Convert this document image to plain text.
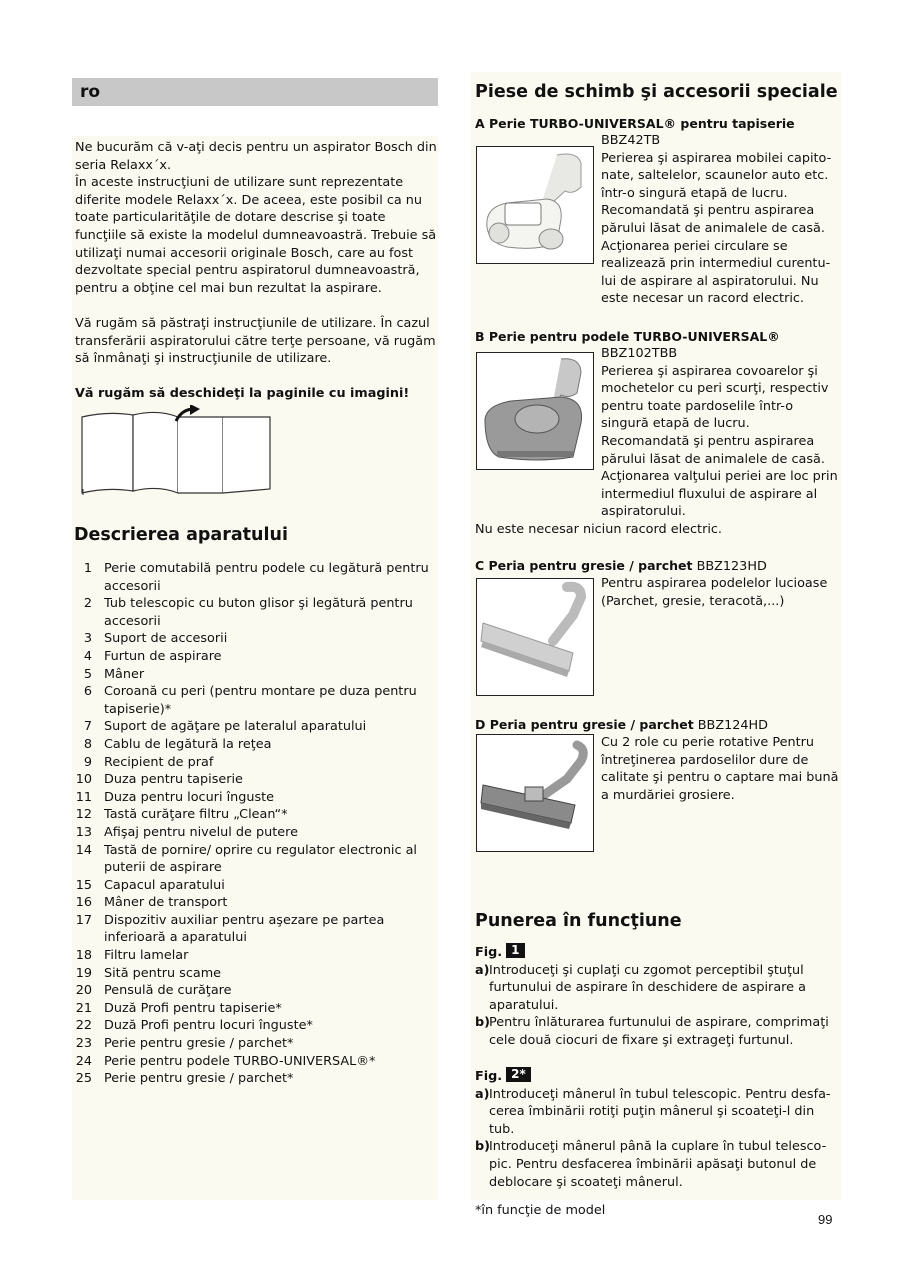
ro

Ne bucurăm că v-aţi decis pentru un aspirator Bosch din seria Relaxx´x.

În aceste instrucţiuni de utilizare sunt reprezentate diferite modele Relaxx´x. De aceea, este posibil ca nu toate particularităţile de dotare descrise şi toate funcţiile să existe la modelul dumneavoastră. Trebuie să utilizaţi numai accesorii originale Bosch, care au fost dezvoltate special pentru aspiratorul dumneavoastră, pentru a obţine cel mai bun rezultat la aspirare.

Vă rugăm să păstraţi instrucţiunile de utilizare. În cazul transferării aspiratorului către terţe persoane, vă rugăm să înmânaţi şi instrucţiunile de utilizare.

Vă rugăm să deschideţi la paginile cu imagini!

Descrierea aparatului
1 Perie comutabilă pentru podele cu legătură pentru accesorii
2 Tub telescopic cu buton glisor şi legătură pentru accesorii
3 Suport de accesorii
4 Furtun de aspirare
5 Mâner
6 Coroană cu peri (pentru montare pe duza pentru tapiserie)*
7 Suport de agăţare pe lateralul aparatului
8 Cablu de legătură la reţea
9 Recipient de praf
10 Duza pentru tapiserie
11 Duza pentru locuri înguste
12 Tastă curăţare filtru „Clean“*
13 Afişaj pentru nivelul de putere
14 Tastă de pornire/ oprire cu regulator electronic al puterii de aspirare
15 Capacul aparatului
16 Mâner de transport
17 Dispozitiv auxiliar pentru aşezare pe partea inferioară a aparatului
18 Filtru lamelar
19 Sită pentru scame
20 Pensulă de curăţare
21 Duză Profi pentru tapiserie*
22 Duză Profi pentru locuri înguste*
23 Perie pentru gresie / parchet*
24 Perie pentru podele TURBO-UNIVERSAL®*
25 Perie pentru gresie / parchet*
Piese de schimb şi accesorii speciale
A Perie TURBO-UNIVERSAL® pentru tapiserie
BBZ42TB
Perierea şi aspirarea mobilei capito-nate, saltelelor, scaunelor auto etc. într-o singură etapă de lucru. Recomandată şi pentru aspirarea părului lăsat de animalele de casă. Acţionarea periei circulare se realizează prin intermediul curentu-lui de aspirare al aspiratorului. Nu este necesar un racord electric.
B Perie pentru podele TURBO-UNIVERSAL®
BBZ102TBB
Perierea şi aspirarea covoarelor şi mochetelor cu peri scurţi, respectiv pentru toate pardoselile într-o singură etapă de lucru. Recomandată şi pentru aspirarea părului lăsat de animalele de casă. Acţionarea valţului periei are loc prin intermediul fluxului de aspirare al aspiratorului.
Nu este necesar niciun racord electric.
C Peria pentru gresie / parchet BBZ123HD
Pentru aspirarea podelelor lucioase (Parchet, gresie, teracotă,...)
D Peria pentru gresie / parchet BBZ124HD
Cu 2 role cu perie rotative Pentru întreţinerea pardoselilor dure de calitate şi pentru o captare mai bună a murdăriei grosiere.
Punerea în funcţiune
Fig. 1
a) Introduceţi şi cuplaţi cu zgomot perceptibil ştuţul furtunului de aspirare în deschidere de aspirare a aparatului.
b)
Pentru înlăturarea furtunului de aspirare, comprimaţi cele două ciocuri de fixare şi extrageţi furtunul.
Fig. 2*
a) Introduceţi mânerul în tubul telescopic. Pentru desfa-cerea îmbinării rotiţi puţin mânerul şi scoateţi-l din tub.
b)
Introduceţi mânerul până la cuplare în tubul telesco-pic. Pentru desfacerea îmbinării apăsaţi butonul de deblocare şi scoateţi mânerul.
*în funcţie de model
99
